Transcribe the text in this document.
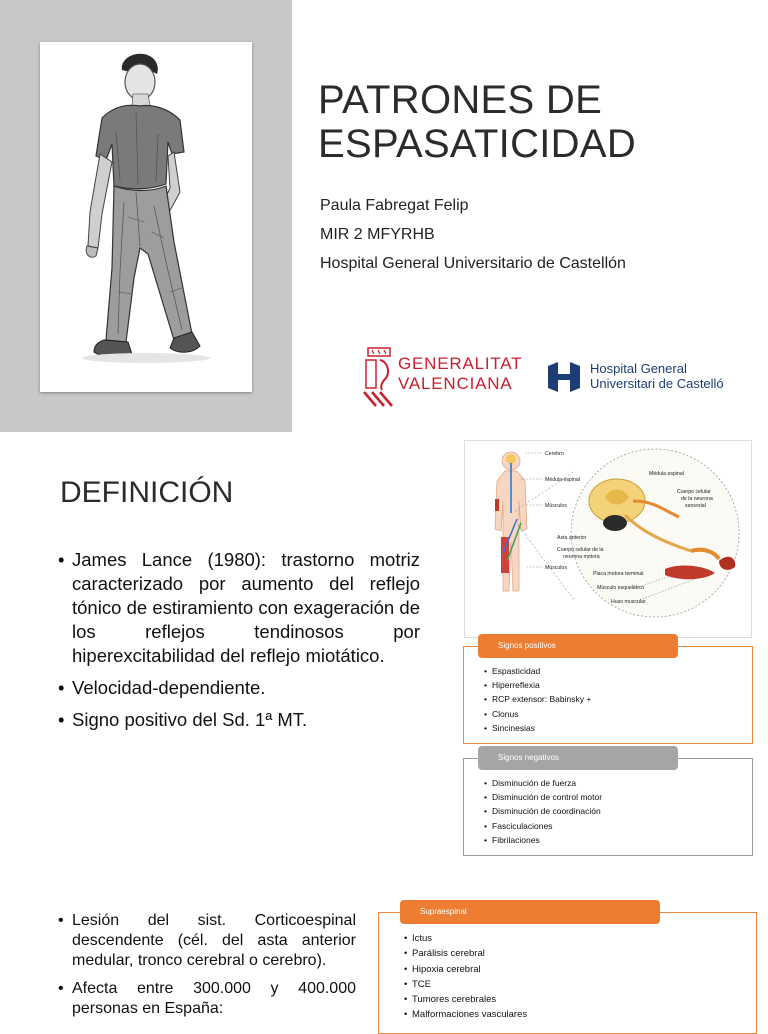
PATRONES DE
ESPASATICIDAD
Paula Fabregat Felip
MIR 2 MFYRHB
Hospital General Universitario de Castellón
GENERALITAT
VALENCIANA
Hospital General
Universitari de Castelló
DEFINICIÓN
• James Lance (1980): trastorno motriz caracterizado por aumento del reflejo tónico de estiramiento con exageración de los reflejos tendinosos por hiperexcitabilidad del reflejo miotático.
• Velocidad-dependiente.
• Signo positivo del Sd. 1ª MT.
Cerebro
Médula espinal
Músculos
Asta anterior
Cuerpo celular de la
neurona motora
Músculos
Médula espinal
Cuerpo celular
de la neurona
sensorial
Placa motora terminal
Músculo esquelético
Huso muscular
Signos positivos
• Espasticidad
• Hiperreflexia
• RCP extensor: Babinsky +
• Clonus
• Sincinesias
Signos negativos
• Disminución de fuerza
• Disminución de control motor
• Disminución de coordinación
• Fasciculaciones
• Fibrilaciones
• Lesión del sist. Corticoespinal descendente (cél. del asta anterior medular, tronco cerebral o cerebro).
• Afecta entre 300.000 y 400.000 personas en España:
Supraespinal
• Ictus
• Parálisis cerebral
• Hipoxia cerebral
• TCE
• Tumores cerebrales
• Malformaciones vasculares
